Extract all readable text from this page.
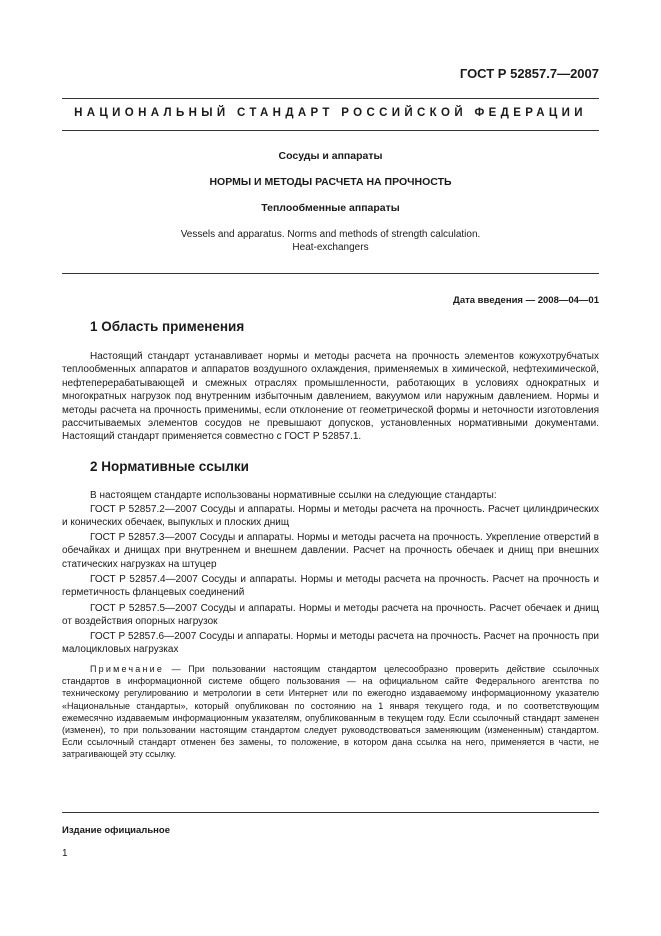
ГОСТ Р 52857.7—2007
НАЦИОНАЛЬНЫЙ СТАНДАРТ РОССИЙСКОЙ ФЕДЕРАЦИИ
Сосуды и аппараты
НОРМЫ И МЕТОДЫ РАСЧЕТА НА ПРОЧНОСТЬ
Теплообменные аппараты
Vessels and apparatus. Norms and methods of strength calculation.
Heat-exchangers
Дата введения — 2008—04—01
1 Область применения
Настоящий стандарт устанавливает нормы и методы расчета на прочность элементов кожухотрубчатых теплообменных аппаратов и аппаратов воздушного охлаждения, применяемых в химической, нефтехимической, нефтеперерабатывающей и смежных отраслях промышленности, работающих в условиях однократных и многократных нагрузок под внутренним избыточным давлением, вакуумом или наружным давлением. Нормы и методы расчета на прочность применимы, если отклонение от геометрической формы и неточности изготовления рассчитываемых элементов сосудов не превышают допусков, установленных нормативными документами. Настоящий стандарт применяется совместно с ГОСТ Р 52857.1.
2 Нормативные ссылки
В настоящем стандарте использованы нормативные ссылки на следующие стандарты:
ГОСТ Р 52857.2—2007 Сосуды и аппараты. Нормы и методы расчета на прочность. Расчет цилиндрических и конических обечаек, выпуклых и плоских днищ
ГОСТ Р 52857.3—2007 Сосуды и аппараты. Нормы и методы расчета на прочность. Укрепление отверстий в обечайках и днищах при внутреннем и внешнем давлении. Расчет на прочность обечаек и днищ при внешних статических нагрузках на штуцер
ГОСТ Р 52857.4—2007 Сосуды и аппараты. Нормы и методы расчета на прочность. Расчет на прочность и герметичность фланцевых соединений
ГОСТ Р 52857.5—2007 Сосуды и аппараты. Нормы и методы расчета на прочность. Расчет обечаек и днищ от воздействия опорных нагрузок
ГОСТ Р 52857.6—2007 Сосуды и аппараты. Нормы и методы расчета на прочность. Расчет на прочность при малоцикловых нагрузках
Примечание — При пользовании настоящим стандартом целесообразно проверить действие ссылочных стандартов в информационной системе общего пользования — на официальном сайте Федерального агентства по техническому регулированию и метрологии в сети Интернет или по ежегодно издаваемому информационному указателю «Национальные стандарты», который опубликован по состоянию на 1 января текущего года, и по соответствующим ежемесячно издаваемым информационным указателям, опубликованным в текущем году. Если ссылочный стандарт заменен (изменен), то при пользовании настоящим стандартом следует руководствоваться заменяющим (измененным) стандартом. Если ссылочный стандарт отменен без замены, то положение, в котором дана ссылка на него, применяется в части, не затрагивающей эту ссылку.
Издание официальное
1
